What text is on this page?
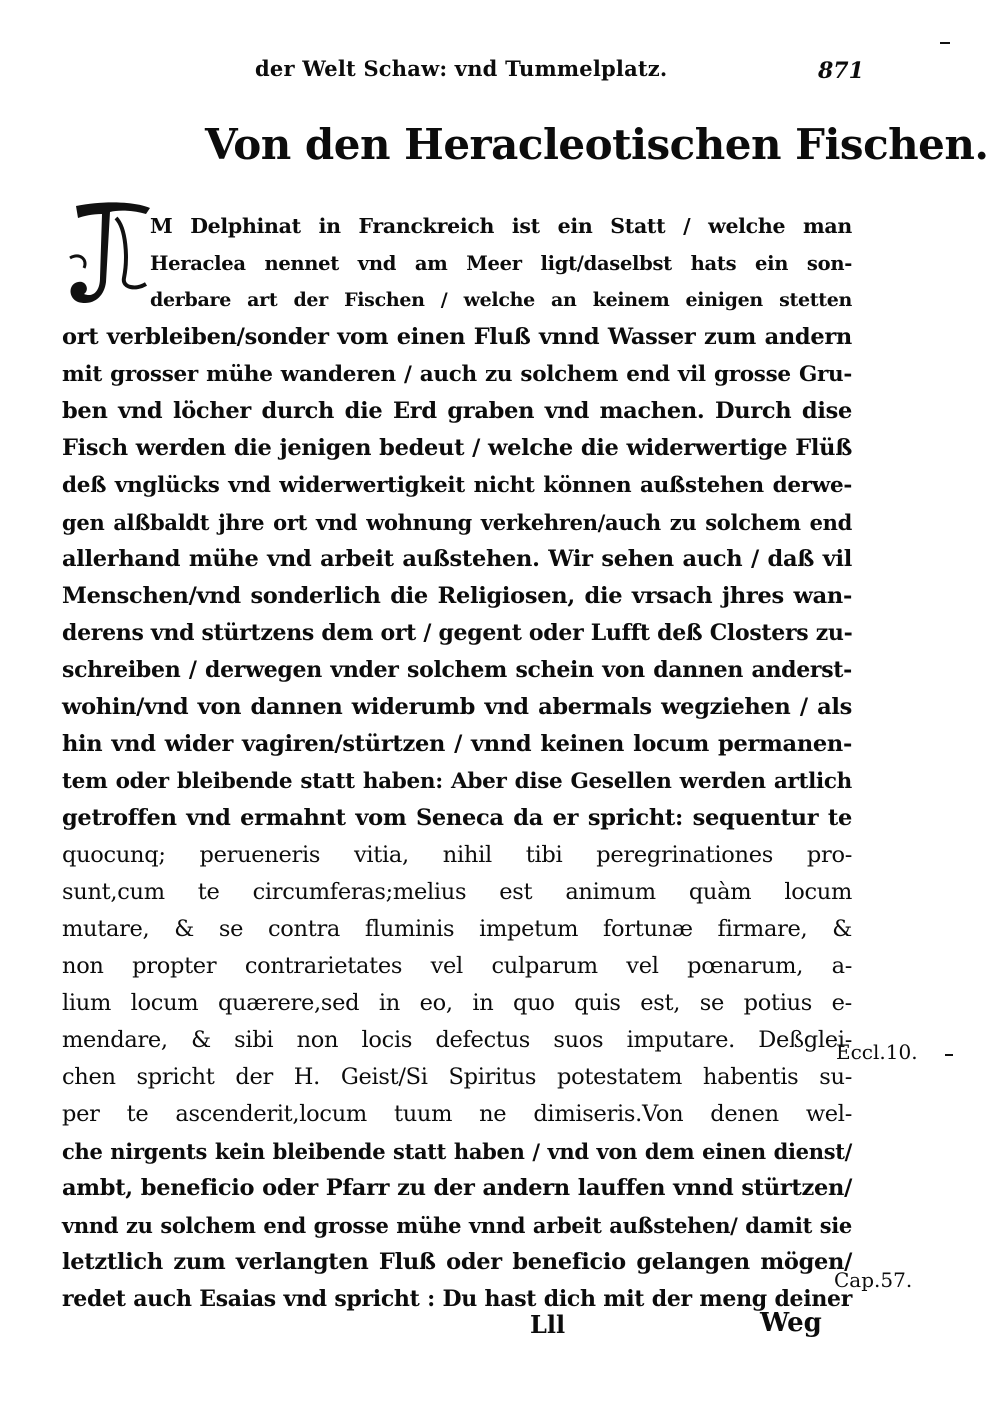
der Welt Schaw: vnd Tummelplatz.	871
Von den Heracleotischen Fischen.
M Delphinat in Franckreich ist ein Statt / welche man
Heraclea nennet vnd am Meer ligt/daselbst hats ein son-
derbare art der Fischen / welche an keinem einigen stetten
ort verbleiben/sonder vom einen Fluß vnnd Wasser zum andern
mit grosser mühe wanderen / auch zu solchem end vil grosse Gru-
ben vnd löcher durch die Erd graben vnd machen. Durch dise
Fisch werden die jenigen bedeut / welche die widerwertige Flüß
deß vnglücks vnd widerwertigkeit nicht können außstehen derwe-
gen alßbaldt jhre ort vnd wohnung verkehren/auch zu solchem end
allerhand mühe vnd arbeit außstehen. Wir sehen auch / daß vil
Menschen/vnd sonderlich die Religiosen, die vrsach jhres wan-
derens vnd stürtzens dem ort / gegent oder Lufft deß Closters zu-
schreiben / derwegen vnder solchem schein von dannen anderst-
wohin/vnd von dannen widerumb vnd abermals wegziehen / als
hin vnd wider vagiren/stürtzen / vnnd keinen locum permanen-
tem oder bleibende statt haben: Aber dise Gesellen werden artlich
getroffen vnd ermahnt vom Seneca da er spricht: sequentur te
quocunq; perueneris vitia, nihil tibi peregrinationes pro-
sunt,cum te circumferas;melius est animum quàm locum
mutare, & se contra fluminis impetum fortunæ firmare, &
non propter contrarietates vel culparum vel pœnarum, a-
lium locum quærere,sed in eo, in quo quis est, se potius e-
mendare, & sibi non locis defectus suos imputare. Deßglei-
chen spricht der H. Geist/Si Spiritus potestatem habentis su-
per te ascenderit,locum tuum ne dimiseris.Von denen wel-
che nirgents kein bleibende statt haben / vnd von dem einen dienst/
ambt, beneficio oder Pfarr zu der andern lauffen vnnd stürtzen/
vnnd zu solchem end grosse mühe vnnd arbeit außstehen/ damit sie
letztlich zum verlangten Fluß oder beneficio gelangen mögen/
redet auch Esaias vnd spricht : Du hast dich mit der meng deiner
Eccl.10.
Cap.57.
Lll	Weg
